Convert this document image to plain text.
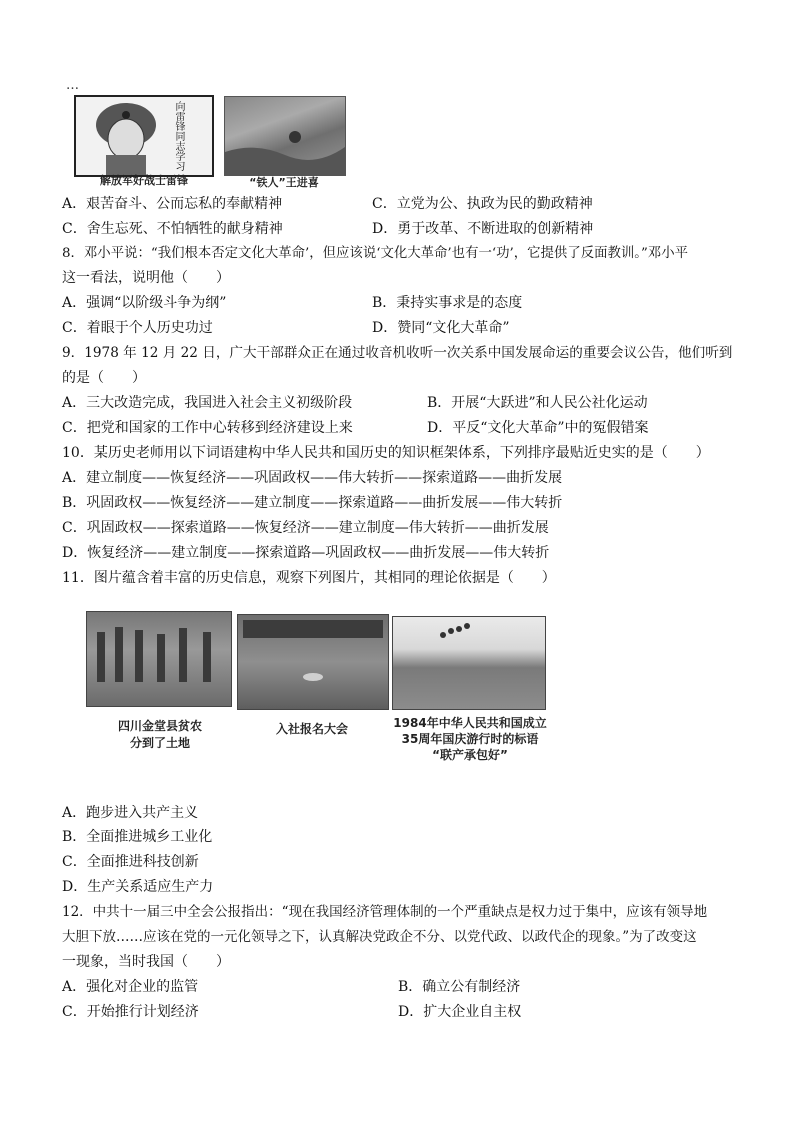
…
向雷锋同志学习
解放军好战士雷锋	“铁人”王进喜
A．艰苦奋斗、公而忘私的奉献精神	C．立党为公、执政为民的勤政精神
C．舍生忘死、不怕牺牲的献身精神	D．勇于改革、不断进取的创新精神
8．邓小平说：“我们根本否定文化大革命’，但应该说‘文化大革命’也有一‘功’，它提供了反面教训。”邓小平
这一看法，说明他（　　）
A．强调“以阶级斗争为纲”	B．秉持实事求是的态度
C．着眼于个人历史功过	D．赞同“文化大革命”
9．1978 年 12 月 22 日，广大干部群众正在通过收音机收听一次关系中国发展命运的重要会议公告，他们听到
的是（　　）
A．三大改造完成，我国进入社会主义初级阶段	B．开展“大跃进”和人民公社化运动
C．把党和国家的工作中心转移到经济建设上来	D．平反“文化大革命”中的冤假错案
10．某历史老师用以下词语建构中华人民共和国历史的知识框架体系，下列排序最贴近史实的是（　　）
A．建立制度——恢复经济——巩固政权——伟大转折——探索道路——曲折发展
B．巩固政权——恢复经济——建立制度——探索道路——曲折发展——伟大转折
C．巩固政权——探索道路——恢复经济——建立制度—伟大转折——曲折发展
D．恢复经济——建立制度——探索道路—巩固政权——曲折发展——伟大转折
11．图片蕴含着丰富的历史信息，观察下列图片，其相同的理论依据是（　　）
四川金堂县贫农
分到了土地
入社报名大会	1984年中华人民共和国成立
35周年国庆游行时的标语
“联产承包好”
A．跑步进入共产主义
B．全面推进城乡工业化
C．全面推进科技创新
D．生产关系适应生产力
12．中共十一届三中全会公报指出：“现在我国经济管理体制的一个严重缺点是权力过于集中，应该有领导地
大胆下放……应该在党的一元化领导之下，认真解决党政企不分、以党代政、以政代企的现象。”为了改变这
一现象，当时我国（　　）
A．强化对企业的监管	B．确立公有制经济
C．开始推行计划经济	D．扩大企业自主权
